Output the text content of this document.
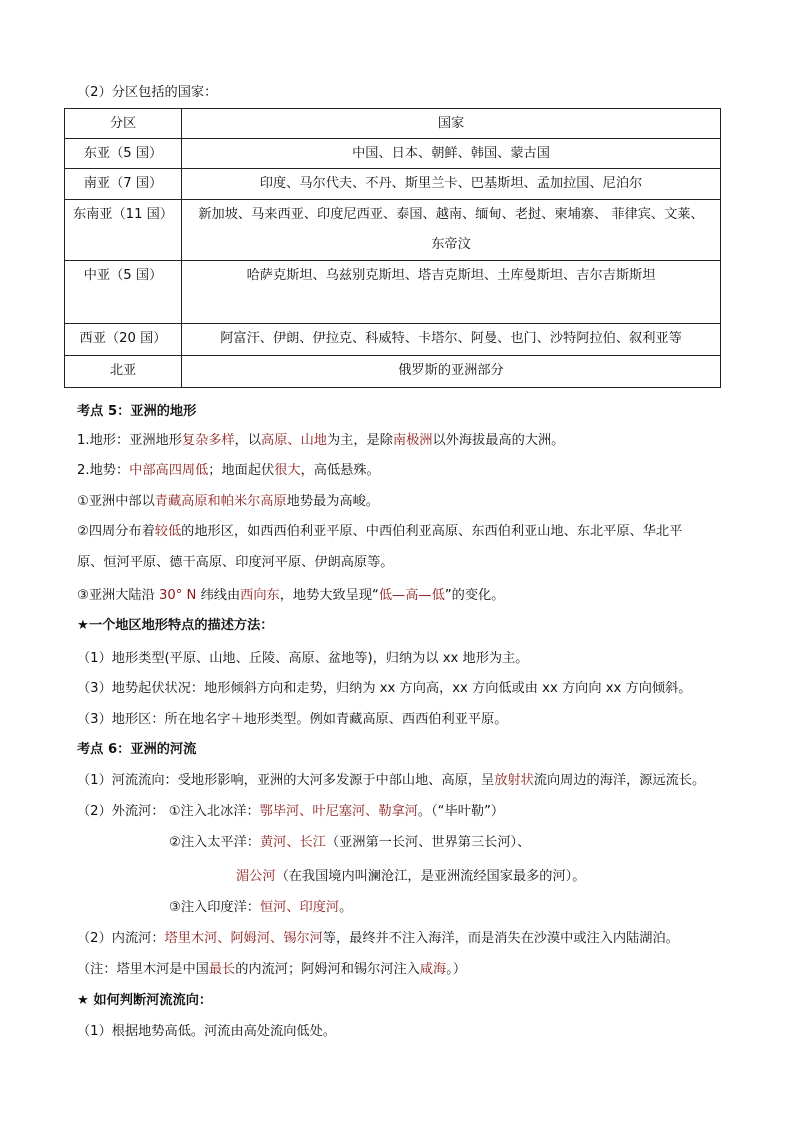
（2）分区包括的国家：
分区	国家

东亚（5 国）	中国、日本、朝鲜、韩国、蒙古国

南亚（7 国）	印度、马尔代夫、不丹、斯里兰卡、巴基斯坦、孟加拉国、尼泊尔

东南亚（11 国）	新加坡、马来西亚、印度尼西亚、泰国、越南、缅甸、老挝、柬埔寨、 菲律宾、文莱、
东帝汶

中亚（5 国）	哈萨克斯坦、乌兹别克斯坦、塔吉克斯坦、土库曼斯坦、吉尔吉斯斯坦

西亚（20 国）	阿富汗、伊朗、伊拉克、科威特、卡塔尔、阿曼、也门、沙特阿拉伯、叙利亚等

北亚	俄罗斯的亚洲部分
考点 5：亚洲的地形
1.地形：亚洲地形复杂多样，以高原、山地为主，是除南极洲以外海拔最高的大洲。
2.地势：中部高四周低；地面起伏很大，高低悬殊。
①亚洲中部以青藏高原和帕米尔高原地势最为高峻。
②四周分布着较低的地形区，如西西伯利亚平原、中西伯利亚高原、东西伯利亚山地、东北平原、华北平
原、恒河平原、德干高原、印度河平原、伊朗高原等。
③亚洲大陆沿 30° N 纬线由西向东，地势大致呈现“低—高—低”的变化。
★一个地区地形特点的描述方法：
（1）地形类型(平原、山地、丘陵、高原、盆地等)，归纳为以 xx 地形为主。
（3）地势起伏状况：地形倾斜方向和走势，归纳为 xx 方向高，xx 方向低或由 xx 方向向 xx 方向倾斜。
（3）地形区：所在地名字＋地形类型。例如青藏高原、西西伯利亚平原。
考点 6：亚洲的河流
（1）河流流向：受地形影响，亚洲的大河多发源于中部山地、高原，呈放射状流向周边的海洋，源远流长。
（2）外流河： ①注入北冰洋：鄂毕河、叶尼塞河、勒拿河。（“毕叶勒”）
②注入太平洋：黄河、长江（亚洲第一长河、世界第三长河）、
湄公河（在我国境内叫澜沧江，是亚洲流经国家最多的河）。
③注入印度洋：恒河、印度河。
（2）内流河：塔里木河、阿姆河、锡尔河等，最终并不注入海洋，而是消失在沙漠中或注入内陆湖泊。
（注：塔里木河是中国最长的内流河；阿姆河和锡尔河注入咸海。）
★ 如何判断河流流向：
（1）根据地势高低。河流由高处流向低处。
